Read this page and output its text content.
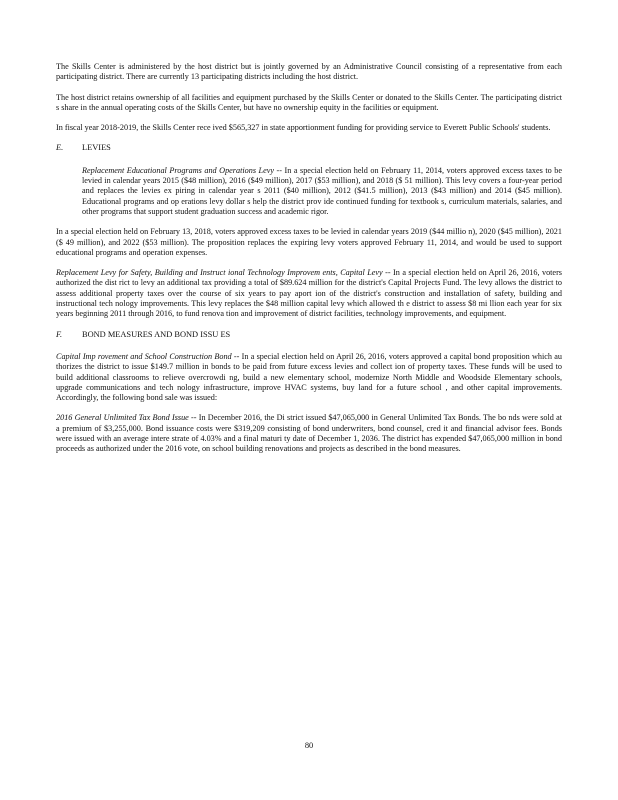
The Skills Center is administered by the host district but is jointly governed by an Administrative Council consisting of a representative from each participating district. There are currently 13 participating districts including the host district.

The host district retains ownership of all facilities and equipment purchased by the Skills Center or donated to the Skills Center. The participating district s share in the annual operating costs of the Skills Center, but have no ownership equity in the facilities or equipment.

In fiscal year 2018-2019, the Skills Center rece ived $565,327 in state apportionment funding for providing service to Everett Public Schools' students.

E.	LEVIES

Replacement Educational Programs and Operations Levy -- In a special election held on February 11, 2014, voters approved excess taxes to be levied in calendar years 2015 ($48 million), 2016 ($49 million), 2017 ($53 million), and 2018 ($ 51 million). This levy covers a four-year period and replaces the levies ex piring in calendar year s 2011 ($40 million), 2012 ($41.5 million), 2013 ($43 million) and 2014 ($45 million). Educational programs and op erations levy dollar s help the district prov ide continued funding for textbook s, curriculum materials, salaries, and other programs that support student graduation success and academic rigor.

In a special election held on February 13, 2018, voters approved excess taxes to be levied in calendar years 2019 ($44 millio n), 2020 ($45 million), 2021 ($ 49 million), and 2022 ($53 million). The proposition replaces the expiring levy voters approved February 11, 2014, and would be used to support educational programs and operation expenses.

Replacement Levy for Safety, Building and Instruct ional Technology Improvem ents, Capital Levy -- In a special election held on April 26, 2016, voters authorized the dist rict to levy an additional tax providing a total of $89.624 million for the district's Capital Projects Fund. The levy allows the district to assess additional property taxes over the course of six years to pay aport ion of the district's construction and installation of safety, building and instructional tech nology improvements. This levy replaces the $48 million capital levy which allowed th e district to assess $8 mi llion each year for six years beginning 2011 through 2016, to fund renova tion and improvement of district facilities, technology improvements, and equipment.

F.	BOND MEASURES AND BOND ISSU ES

Capital Imp rovement and School Construction Bond -- In a special election held on April 26, 2016, voters approved a capital bond proposition which au thorizes the district to issue $149.7 million in bonds to be paid from future excess levies and collect ion of property taxes. These funds will be used to build additional classrooms to relieve overcrowdi ng, build a new elementary school, modernize North Middle and Woodside Elementary schools, upgrade communications and tech nology infrastructure, improve HVAC systems, buy land for a future school , and other capital improvements. Accordingly, the following bond sale was issued:

2016 General Unlimited Tax Bond Issue -- In December 2016, the Di strict issued $47,065,000 in General Unlimited Tax Bonds. The bo nds were sold at a premium of $3,255,000. Bond issuance costs were $319,209 consisting of bond underwriters, bond counsel, cred it and financial advisor fees. Bonds were issued with an average intere strate of 4.03% and a final maturi ty date of December 1, 2036. The district has expended $47,065,000 million in bond proceeds as authorized under the 2016 vote, on school building renovations and projects as described in the bond measures.

80
